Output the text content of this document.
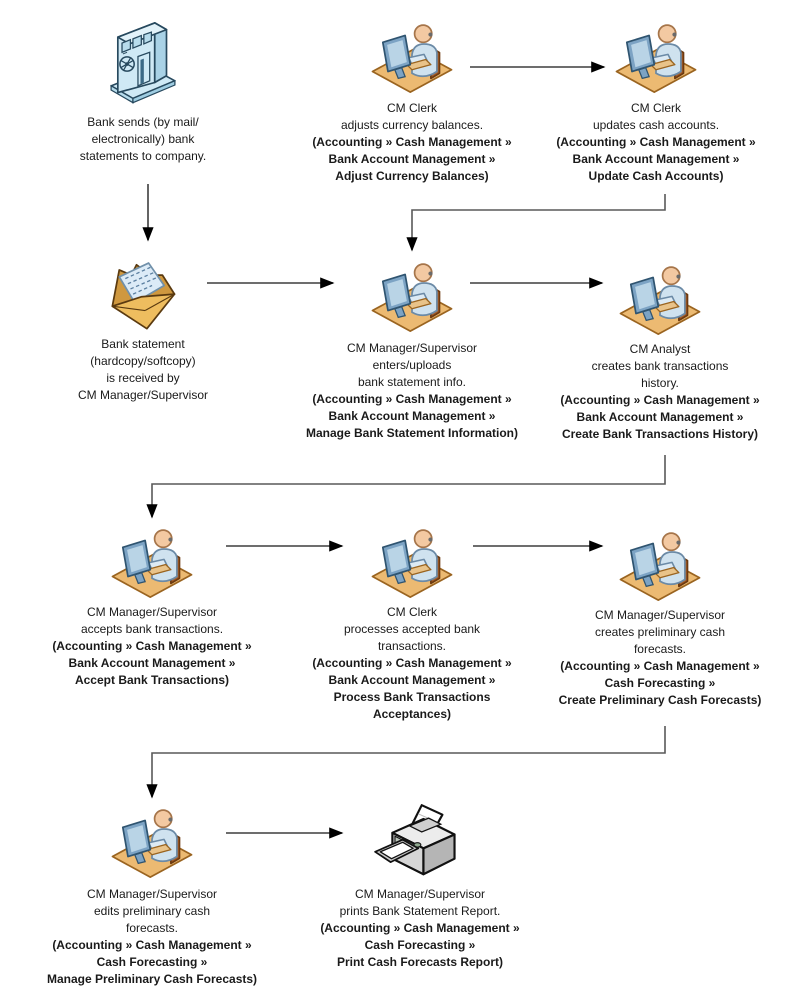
Bank sends (by mail/
electronically) bank
statements to company.
CM Clerk
adjusts currency balances.
(Accounting » Cash Management »
Bank Account Management »
Adjust Currency Balances)
CM Clerk
updates cash accounts.
(Accounting » Cash Management »
Bank Account Management »
Update Cash Accounts)
Bank statement
(hardcopy/softcopy)
is received by
CM Manager/Supervisor
CM Manager/Supervisor
enters/uploads
bank statement info.
(Accounting » Cash Management »
Bank Account Management »
Manage Bank Statement Information)
CM Analyst
creates bank transactions
history.
(Accounting » Cash Management »
Bank Account Management »
Create Bank Transactions History)
CM Manager/Supervisor
accepts bank transactions.
(Accounting » Cash Management »
Bank Account Management »
Accept Bank Transactions)
CM Clerk
processes accepted bank
transactions.
(Accounting » Cash Management »
Bank Account Management »
Process Bank Transactions
Acceptances)
CM Manager/Supervisor
creates preliminary cash
forecasts.
(Accounting » Cash Management »
Cash Forecasting »
Create Preliminary Cash Forecasts)
CM Manager/Supervisor
edits preliminary cash
forecasts.
(Accounting » Cash Management »
Cash Forecasting »
Manage Preliminary Cash Forecasts)
CM Manager/Supervisor
prints Bank Statement Report.
(Accounting » Cash Management »
Cash Forecasting »
Print Cash Forecasts Report)
